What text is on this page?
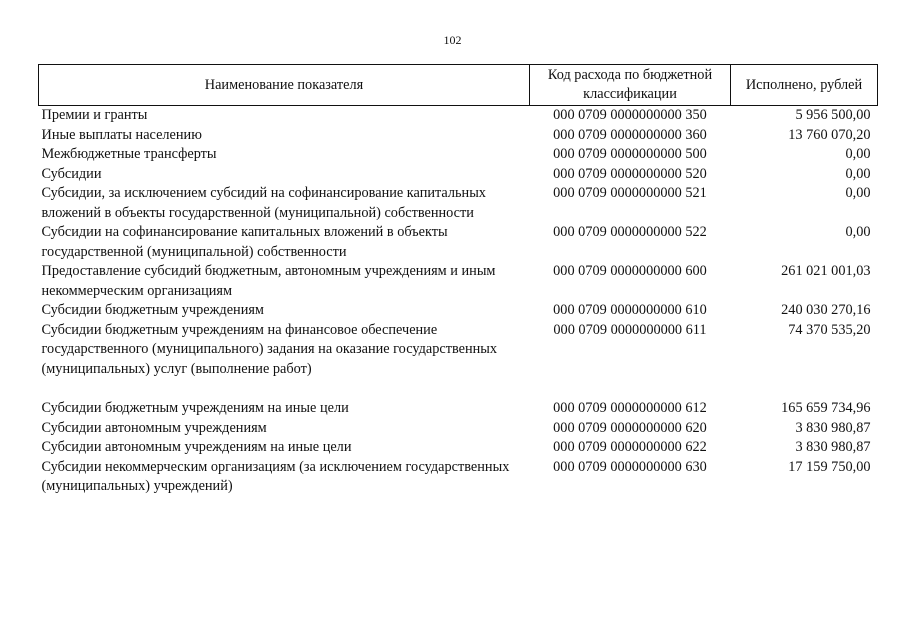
102
Наименование показателя	Код расхода по бюджетной классификации	Исполнено, рублей
Премии и гранты	000 0709 0000000000 350	5 956 500,00
Иные выплаты населению	000 0709 0000000000 360	13 760 070,20
Межбюджетные трансферты	000 0709 0000000000 500	0,00
Субсидии	000 0709 0000000000 520	0,00
Субсидии, за исключением субсидий на софинансирование капитальных вложений в объекты государственной (муниципальной) собственности	000 0709 0000000000 521	0,00
Субсидии на софинансирование капитальных вложений в объекты государственной (муниципальной) собственности	000 0709 0000000000 522	0,00
Предоставление субсидий бюджетным, автономным учреждениям и иным некоммерческим организациям	000 0709 0000000000 600	261 021 001,03
Субсидии бюджетным учреждениям	000 0709 0000000000 610	240 030 270,16
Субсидии бюджетным учреждениям на финансовое обеспечение государственного (муниципального) задания на оказание государственных (муниципальных) услуг (выполнение работ)	000 0709 0000000000 611	74 370 535,20
Субсидии бюджетным учреждениям на иные цели	000 0709 0000000000 612	165 659 734,96
Субсидии автономным учреждениям	000 0709 0000000000 620	3 830 980,87
Субсидии автономным учреждениям на иные цели	000 0709 0000000000 622	3 830 980,87
Субсидии некоммерческим организациям (за исключением государственных (муниципальных) учреждений)	000 0709 0000000000 630	17 159 750,00
